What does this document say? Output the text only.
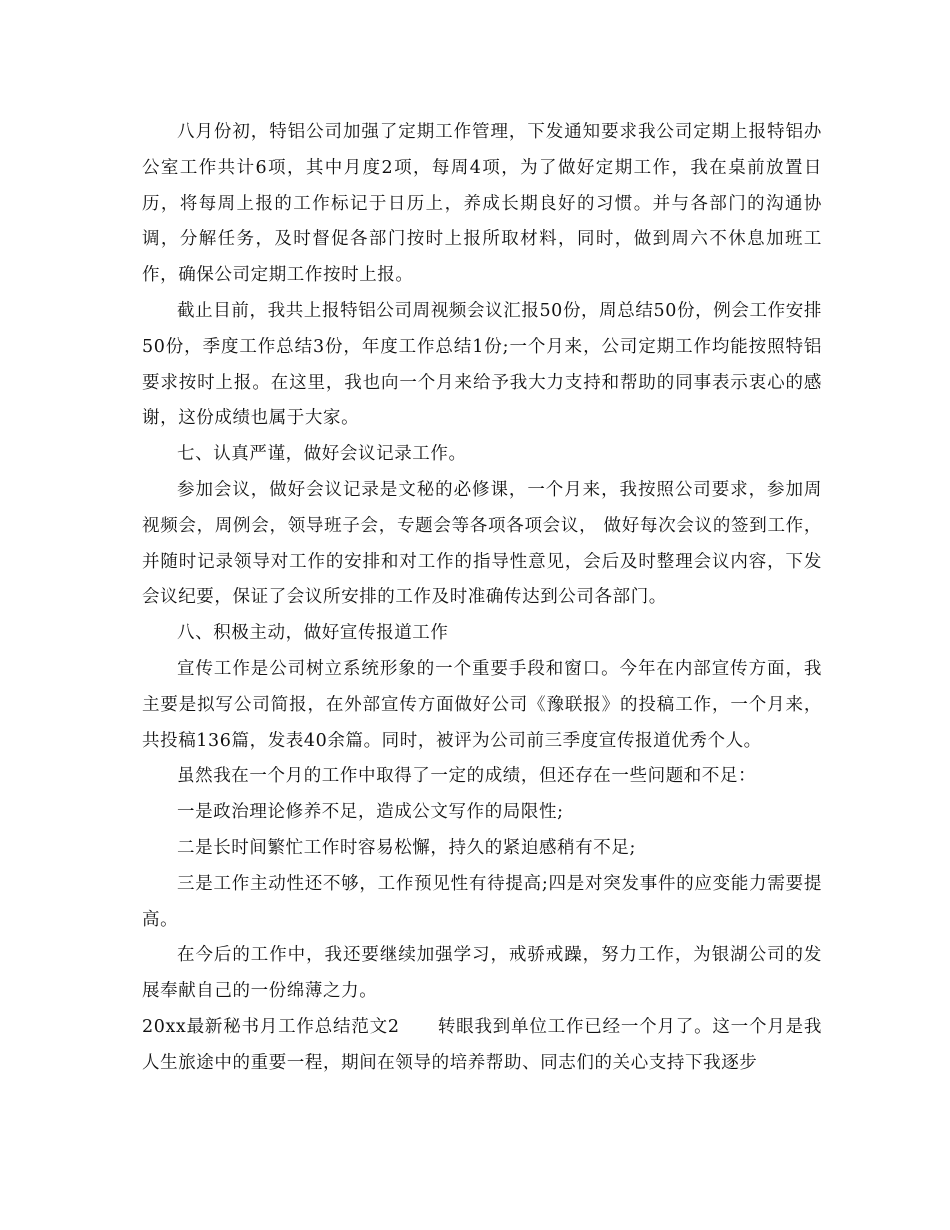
八月份初，特铝公司加强了定期工作管理，下发通知要求我公司定期上报特铝办公室工作共计6项，其中月度2项，每周4项，为了做好定期工作，我在桌前放置日历，将每周上报的工作标记于日历上，养成长期良好的习惯。并与各部门的沟通协调，分解任务，及时督促各部门按时上报所取材料，同时，做到周六不休息加班工作，确保公司定期工作按时上报。

截止目前，我共上报特铝公司周视频会议汇报50份，周总结50份，例会工作安排50份，季度工作总结3份，年度工作总结1份;一个月来，公司定期工作均能按照特铝要求按时上报。在这里，我也向一个月来给予我大力支持和帮助的同事表示衷心的感谢，这份成绩也属于大家。

七、认真严谨，做好会议记录工作。

参加会议，做好会议记录是文秘的必修课，一个月来，我按照公司要求，参加周视频会，周例会，领导班子会，专题会等各项各项会议， 做好每次会议的签到工作，并随时记录领导对工作的安排和对工作的指导性意见，会后及时整理会议内容，下发会议纪要，保证了会议所安排的工作及时准确传达到公司各部门。

八、积极主动，做好宣传报道工作

宣传工作是公司树立系统形象的一个重要手段和窗口。今年在内部宣传方面，我主要是拟写公司简报，在外部宣传方面做好公司《豫联报》的投稿工作，一个月来，共投稿136篇，发表40余篇。同时，被评为公司前三季度宣传报道优秀个人。

虽然我在一个月的工作中取得了一定的成绩，但还存在一些问题和不足：

一是政治理论修养不足，造成公文写作的局限性;

二是长时间繁忙工作时容易松懈，持久的紧迫感稍有不足;

三是工作主动性还不够，工作预见性有待提高;四是对突发事件的应变能力需要提高。

在今后的工作中，我还要继续加强学习，戒骄戒躁，努力工作，为银湖公司的发展奉献自己的一份绵薄之力。

20xx最新秘书月工作总结范文2 转眼我到单位工作已经一个月了。这一个月是我人生旅途中的重要一程，期间在领导的培养帮助、同志们的关心支持下我逐步
